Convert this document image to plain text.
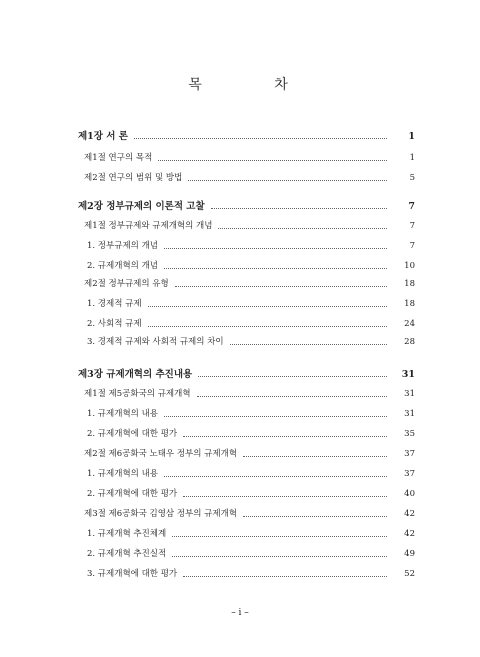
목 차
제1장 서 론	1
제1절 연구의 목적	1
제2절 연구의 범위 및 방법	5
제2장 정부규제의 이론적 고찰	7
제1절 정부규제와 규제개혁의 개념	7
1. 정부규제의 개념	7
2. 규제개혁의 개념	10
제2절 정부규제의 유형	18
1. 경제적 규제	18
2. 사회적 규제	24
3. 경제적 규제와 사회적 규제의 차이	28
제3장 규제개혁의 추진내용	31
제1절 제5공화국의 규제개혁	31
1. 규제개혁의 내용	31
2. 규제개혁에 대한 평가	35
제2절 제6공화국 노태우 정부의 규제개혁	37
1. 규제개혁의 내용	37
2. 규제개혁에 대한 평가	40
제3절 제6공화국 김영삼 정부의 규제개혁	42
1. 규제개혁 추진체계	42
2. 규제개혁 추진실적	49
3. 규제개혁에 대한 평가	52
– i –
